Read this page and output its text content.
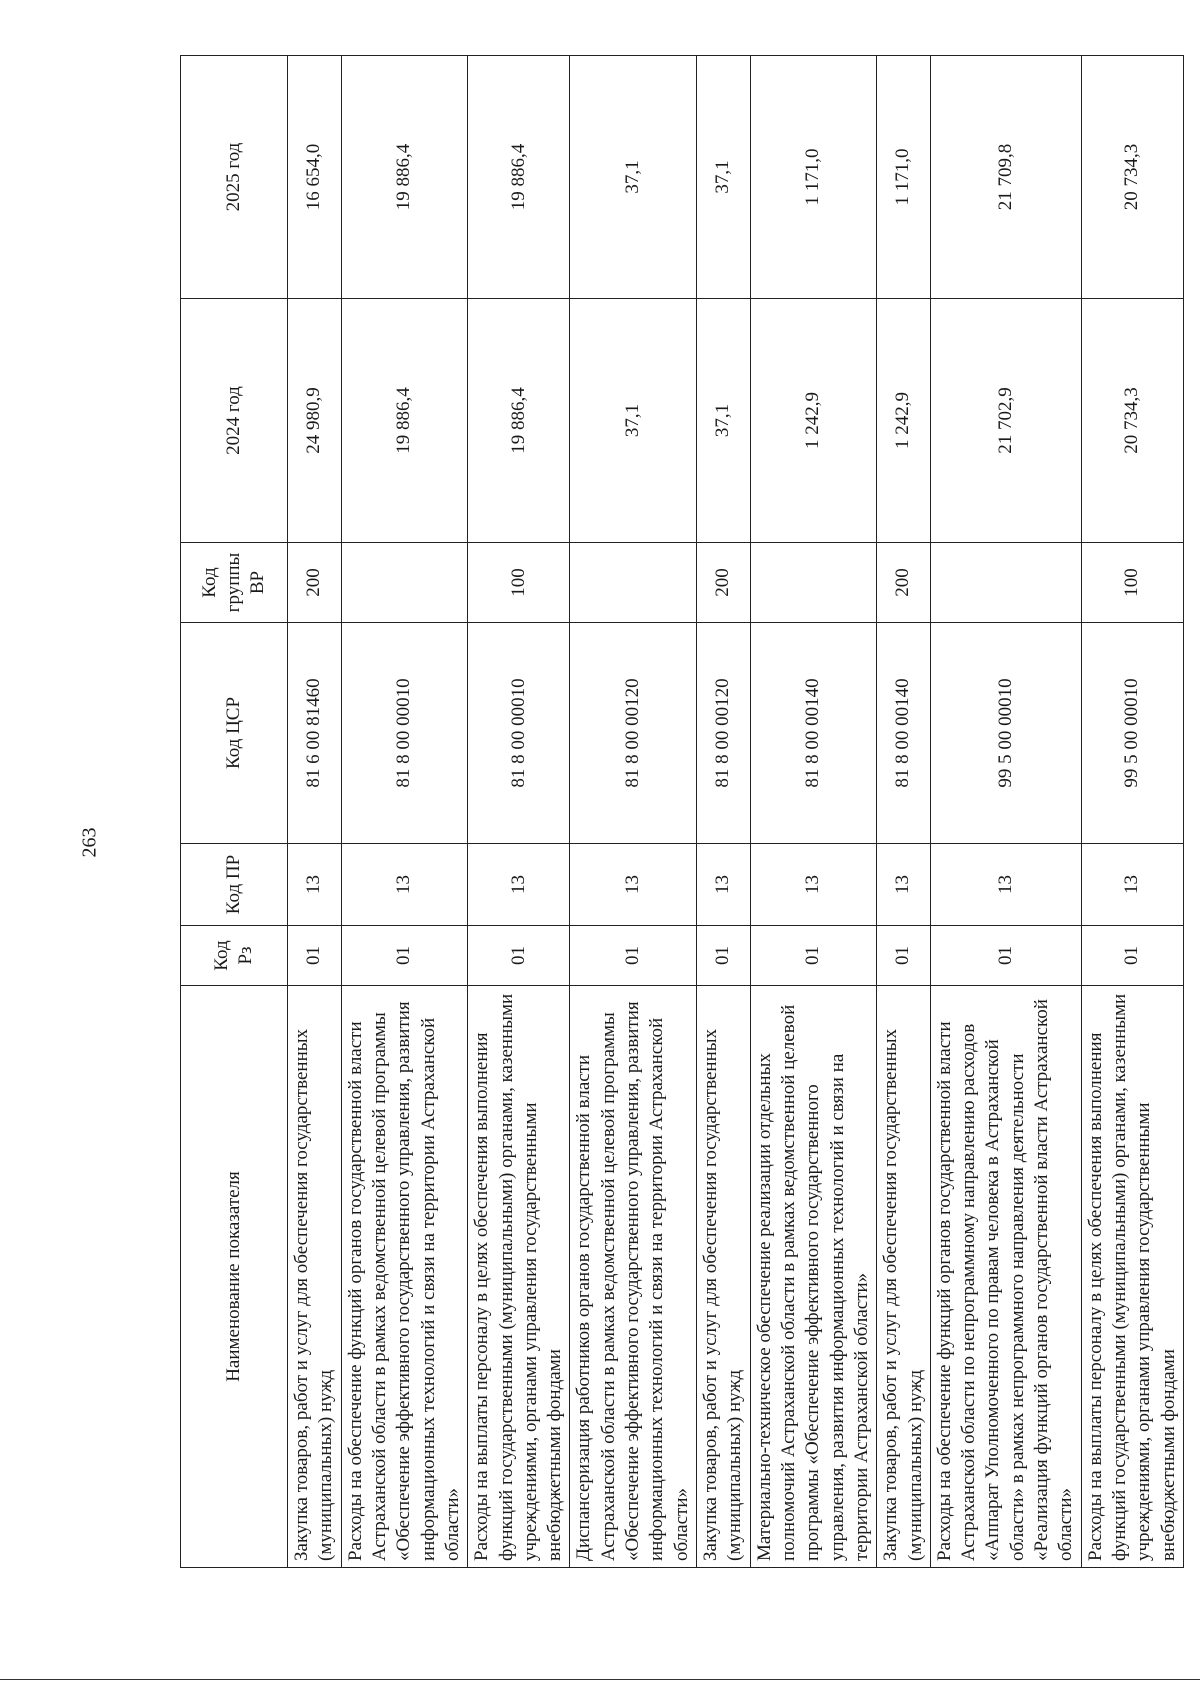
263
Наименование показателя	Код Рз	Код ПР	Код ЦСР	Код группы ВР	2024 год	2025 год
Закупка товаров, работ и услуг для обеспечения государственных (муниципальных) нужд	01	13	81 6 00 81460	200	24 980,9	16 654,0
Расходы на обеспечение функций органов государственной власти Астраханской области в рамках ведомственной целевой программы «Обеспечение эффективного государственного управления, развития информационных технологий и связи на территории Астраханской области»	01	13	81 8 00 00010		19 886,4	19 886,4
Расходы на выплаты персоналу в целях обеспечения выполнения функций государственными (муниципальными) органами, казенными учреждениями, органами управления государственными внебюджетными фондами	01	13	81 8 00 00010	100	19 886,4	19 886,4
Диспансеризация работников органов государственной власти Астраханской области в рамках ведомственной целевой программы «Обеспечение эффективного государственного управления, развития информационных технологий и связи на территории Астраханской области»	01	13	81 8 00 00120		37,1	37,1
Закупка товаров, работ и услуг для обеспечения государственных (муниципальных) нужд	01	13	81 8 00 00120	200	37,1	37,1
Материально-техническое обеспечение реализации отдельных полномочий Астраханской области в рамках ведомственной целевой программы «Обеспечение эффективного государственного управления, развития информационных технологий и связи на территории Астраханской области»	01	13	81 8 00 00140		1 242,9	1 171,0
Закупка товаров, работ и услуг для обеспечения государственных (муниципальных) нужд	01	13	81 8 00 00140	200	1 242,9	1 171,0
Расходы на обеспечение функций органов государственной власти Астраханской области по непрограммному направлению расходов «Аппарат Уполномоченного по правам человека в Астраханской области» в рамках непрограммного направления деятельности «Реализация функций органов государственной власти Астраханской области»	01	13	99 5 00 00010		21 702,9	21 709,8
Расходы на выплаты персоналу в целях обеспечения выполнения функций государственными (муниципальными) органами, казенными учреждениями, органами управления государственными внебюджетными фондами	01	13	99 5 00 00010	100	20 734,3	20 734,3
